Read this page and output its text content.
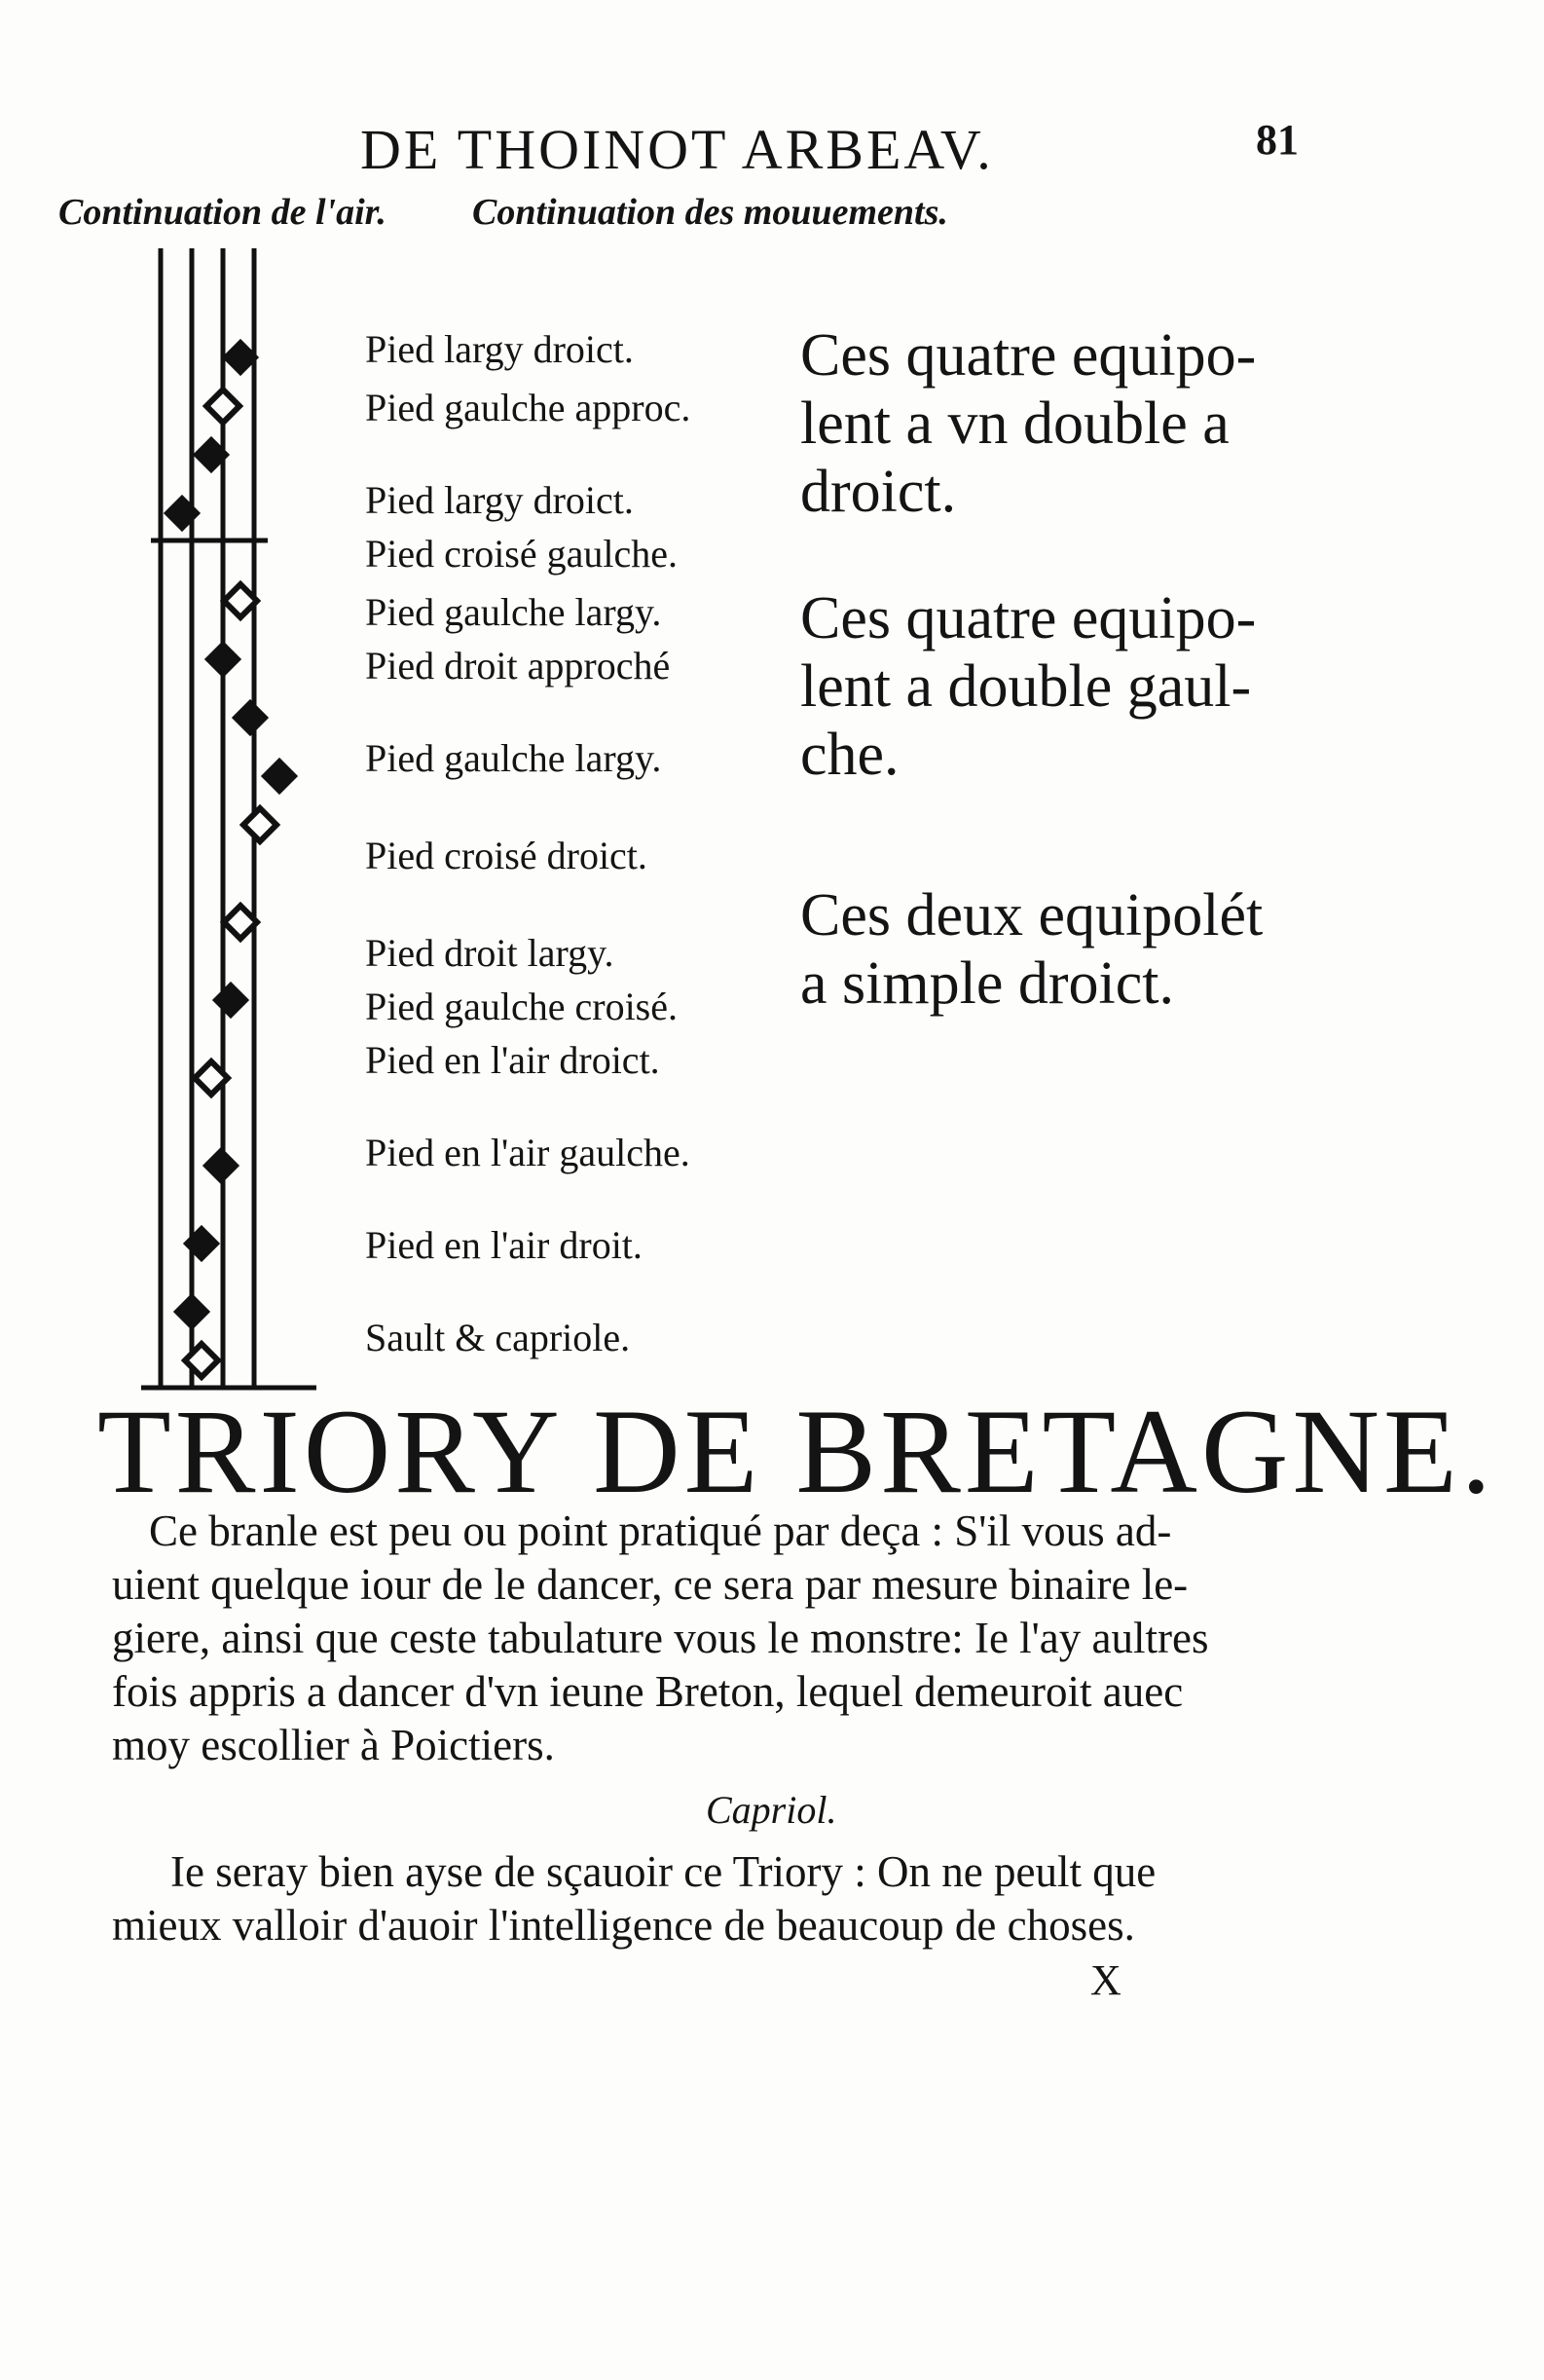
DE THOINOT ARBEAV.	81
Continuation de l'air. Continuation des mouuements.
Pied largy droict.
Pied gaulche approc.
Pied largy droict.
Pied croisé gaulche.
Pied gaulche largy.
Pied droit approché
Pied gaulche largy.
Pied croisé droict.
Pied droit largy.
Pied gaulche croisé.
Pied en l'air droict.
Pied en l'air gaulche.
Pied en l'air droit.
Sault & capriole.
Ces quatre equipo-
lent a vn double a
droict.
Ces quatre equipo-
lent a double gaul-
che.
Ces deux equipolét
a simple droict.
TRIORY DE BRETAGNE.
Ce branle est peu ou point pratiqué par deça : S'il vous ad-
uient quelque iour de le dancer, ce sera par mesure binaire le-
giere, ainsi que ceste tabulature vous le monstre: Ie l'ay aultres
fois appris a dancer d'vn ieune Breton, lequel demeuroit auec
moy escollier à Poictiers.
Capriol.
Ie seray bien ayse de sçauoir ce Triory : On ne peult que
mieux valloir d'auoir l'intelligence de beaucoup de choses.
X
